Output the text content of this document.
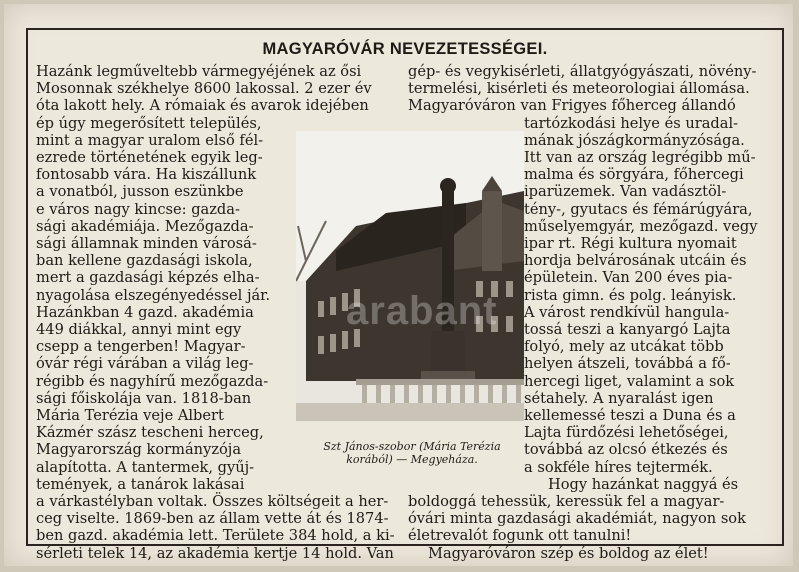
MAGYARÓVÁR NEVEZETESSÉGEI.
Hazánk legműveltebb vármegyéjének az ősi
Mosonnak székhelye 8600 lakossal. 2 ezer év
óta lakott hely. A rómaiak és avarok idejében
ép úgy megerősített település,
mint a magyar uralom első fél-
ezrede történetének egyik leg-
fontosabb vára. Ha kiszállunk
a vonatból, jusson eszünkbe
e város nagy kincse: gazda-
sági akadémiája. Mezőgazda-
sági államnak minden városá-
ban kellene gazdasági iskola,
mert a gazdasági képzés elha-
nyagolása elszegényedéssel jár.
Hazánkban 4 gazd. akadémia
449 diákkal, annyi mint egy
csepp a tengerben! Magyar-
óvár régi várában a világ leg-
régibb és nagyhírű mezőgazda-
sági főiskolája van. 1818-ban
Mária Terézia veje Albert
Kázmér szász tescheni herceg,
Magyarország kormányzója
alapította. A tantermek, gyűj-
temények, a tanárok lakásai
a várkastélyban voltak. Összes költségeit a her-
ceg viselte. 1869-ben az állam vette át és 1874-
ben gazd. akadémia lett. Területe 384 hold, a ki-
sérleti telek 14, az akadémia kertje 14 hold. Van
gép- és vegykisérleti, állatgyógyászati, növény-
termelési, kisérleti és meteorologiai állomása.
Magyaróváron van Frigyes főherceg állandó
tartózkodási helye és uradal-
mának jószágkormányzósága.
Itt van az ország legrégibb mű-
malma és sörgyára, főhercegi
iparüzemek. Van vadásztöl-
tény-, gyutacs és fémárúgyára,
műselyemgyár, mezőgazd. vegy
ipar rt. Régi kultura nyomait
hordja belvárosának utcáin és
épületein. Van 200 éves pia-
rista gimn. és polg. leányisk.
A várost rendkívül hangula-
tossá teszi a kanyargó Lajta
folyó, mely az utcákat több
helyen átszeli, továbbá a fő-
hercegi liget, valamint a sok
sétahely. A nyaralást igen
kellemessé teszi a Duna és a
Lajta fürdőzési lehetőségei,
továbbá az olcsó étkezés és
a sokféle híres tejtermék.
Hogy hazánkat naggyá és
boldoggá tehessük, keressük fel a magyar-
óvári minta gazdasági akadémiát, nagyon sok
életrevalót fogunk ott tanulni!
Magyaróváron szép és boldog az élet!
arabant
Szt János-szobor (Mária Terézia
korából) — Megyeháza.
